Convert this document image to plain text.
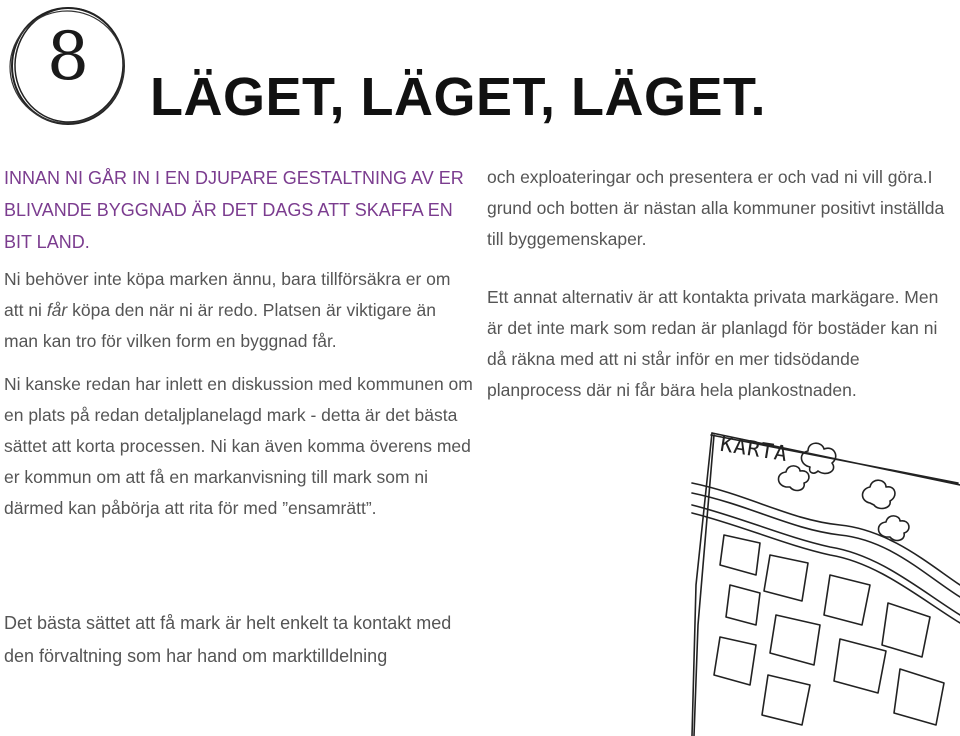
8
LÄGET, LÄGET, LÄGET.

INNAN NI GÅR IN I EN DJUPARE GESTALTNING AV ER BLIVANDE BYGGNAD ÄR DET DAGS ATT SKAFFA EN BIT LAND.

Ni behöver inte köpa marken ännu, bara tillförsäkra er om att ni får köpa den när ni är redo. Platsen är viktigare än man kan tro för vilken form en byggnad får.

Ni kanske redan har inlett en diskussion med kommunen om en plats på redan detaljplanelagd mark - detta är det bästa sättet att korta processen. Ni kan även komma överens med er kommun om att få en markanvisning till mark som ni därmed kan påbörja att rita för med ”ensamrätt”.

och exploateringar och presentera er och vad ni vill göra.I grund och botten är nästan alla kommuner positivt inställda till byggemenskaper.

Ett annat alternativ är att kontakta privata markägare. Men är det inte mark som redan är planlagd för bostäder kan ni då räkna med att ni står inför en mer tidsödande planprocess där ni får bära hela plankostnaden.

Det bästa sättet att få mark är helt enkelt ta kontakt med den förvaltning som har hand om marktilldelning

KARTA
